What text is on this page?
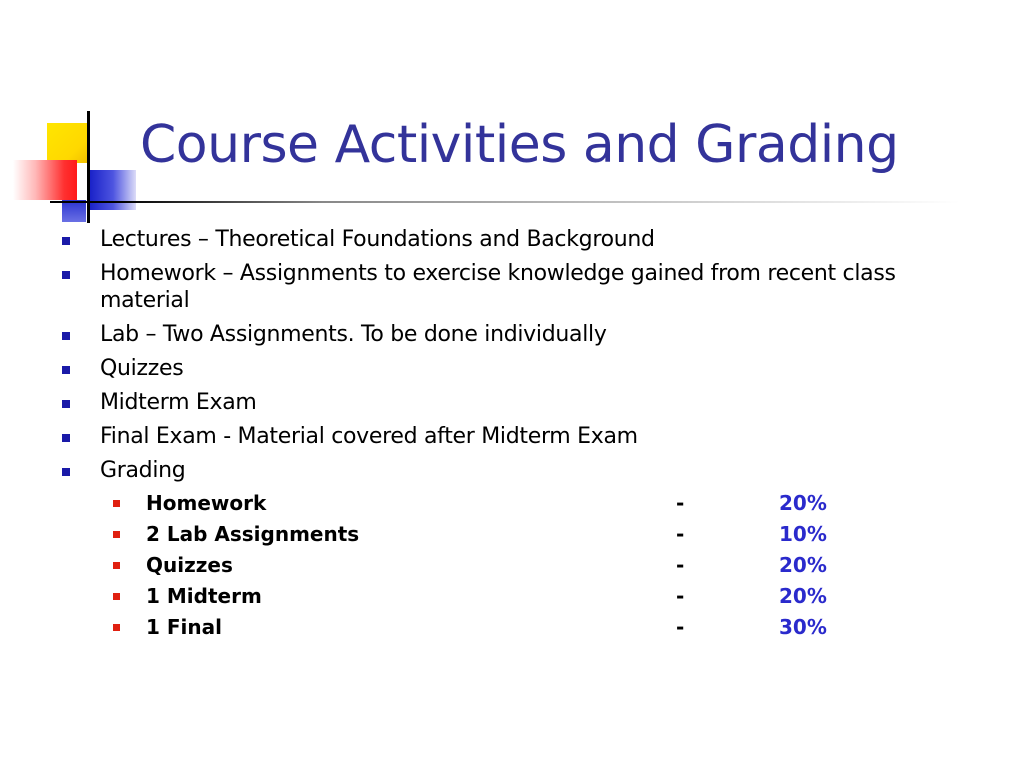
Course Activities and Grading
Lectures – Theoretical Foundations and Background
Homework – Assignments to exercise knowledge gained from recent class material
Lab – Two Assignments. To be done individually
Quizzes
Midterm Exam
Final Exam - Material covered after Midterm Exam
Grading
Homework	-	20%
2 Lab Assignments	-	10%
Quizzes	-	20%
1 Midterm	-	20%
1 Final	-	30%
